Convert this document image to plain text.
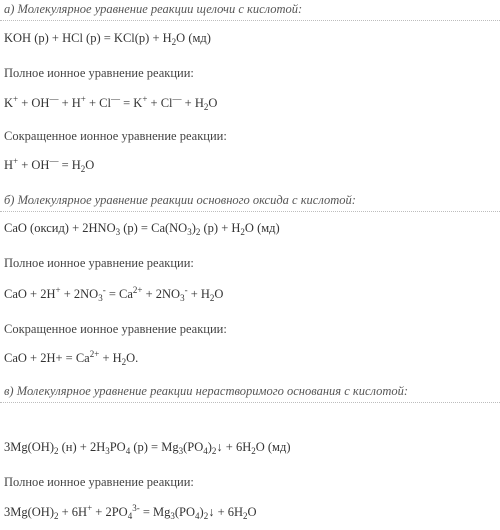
а) Молекулярное уравнение реакции щелочи с кислотой:
KOH (р) + HCl $(р) = KCl(р) + H_2O$ (мд)
Полное ионное уравнение реакции:
$K^+ + OH^— + H^+ + Cl^— = K^+ + Cl^— + H_2O$
Сокращенное ионное уравнение реакции:
$H^+ + OH^— = H_2O$
б) Молекулярное уравнение реакции основного оксида с кислотой:
CaO (оксид) + $2HNO_3$ $(р) = Ca(NO_3)_2$ $(р) + H_2O$ (мд)
Полное ионное уравнение реакции:
CaO + $2H^+ + 2NO_3^- = Ca^{2+} + 2NO_3^- + H_2O$
Сокращенное ионное уравнение реакции:
CaO + $2H+ = Ca^{2+} + H_2O$.
в) Молекулярное уравнение реакции нерастворимого основания с кислотой:
$3Mg(OH)_2$ $(н) + 2H_3PO_4$ $(р) = Mg_3(PO_4)_2↓ + 6H_2O$ (мд)
Полное ионное уравнение реакции:
$3Mg(OH)_2 + 6H^+ + 2PO_4^{3-}$ = $Mg_3(PO_4)_2↓ + 6H_2O$
